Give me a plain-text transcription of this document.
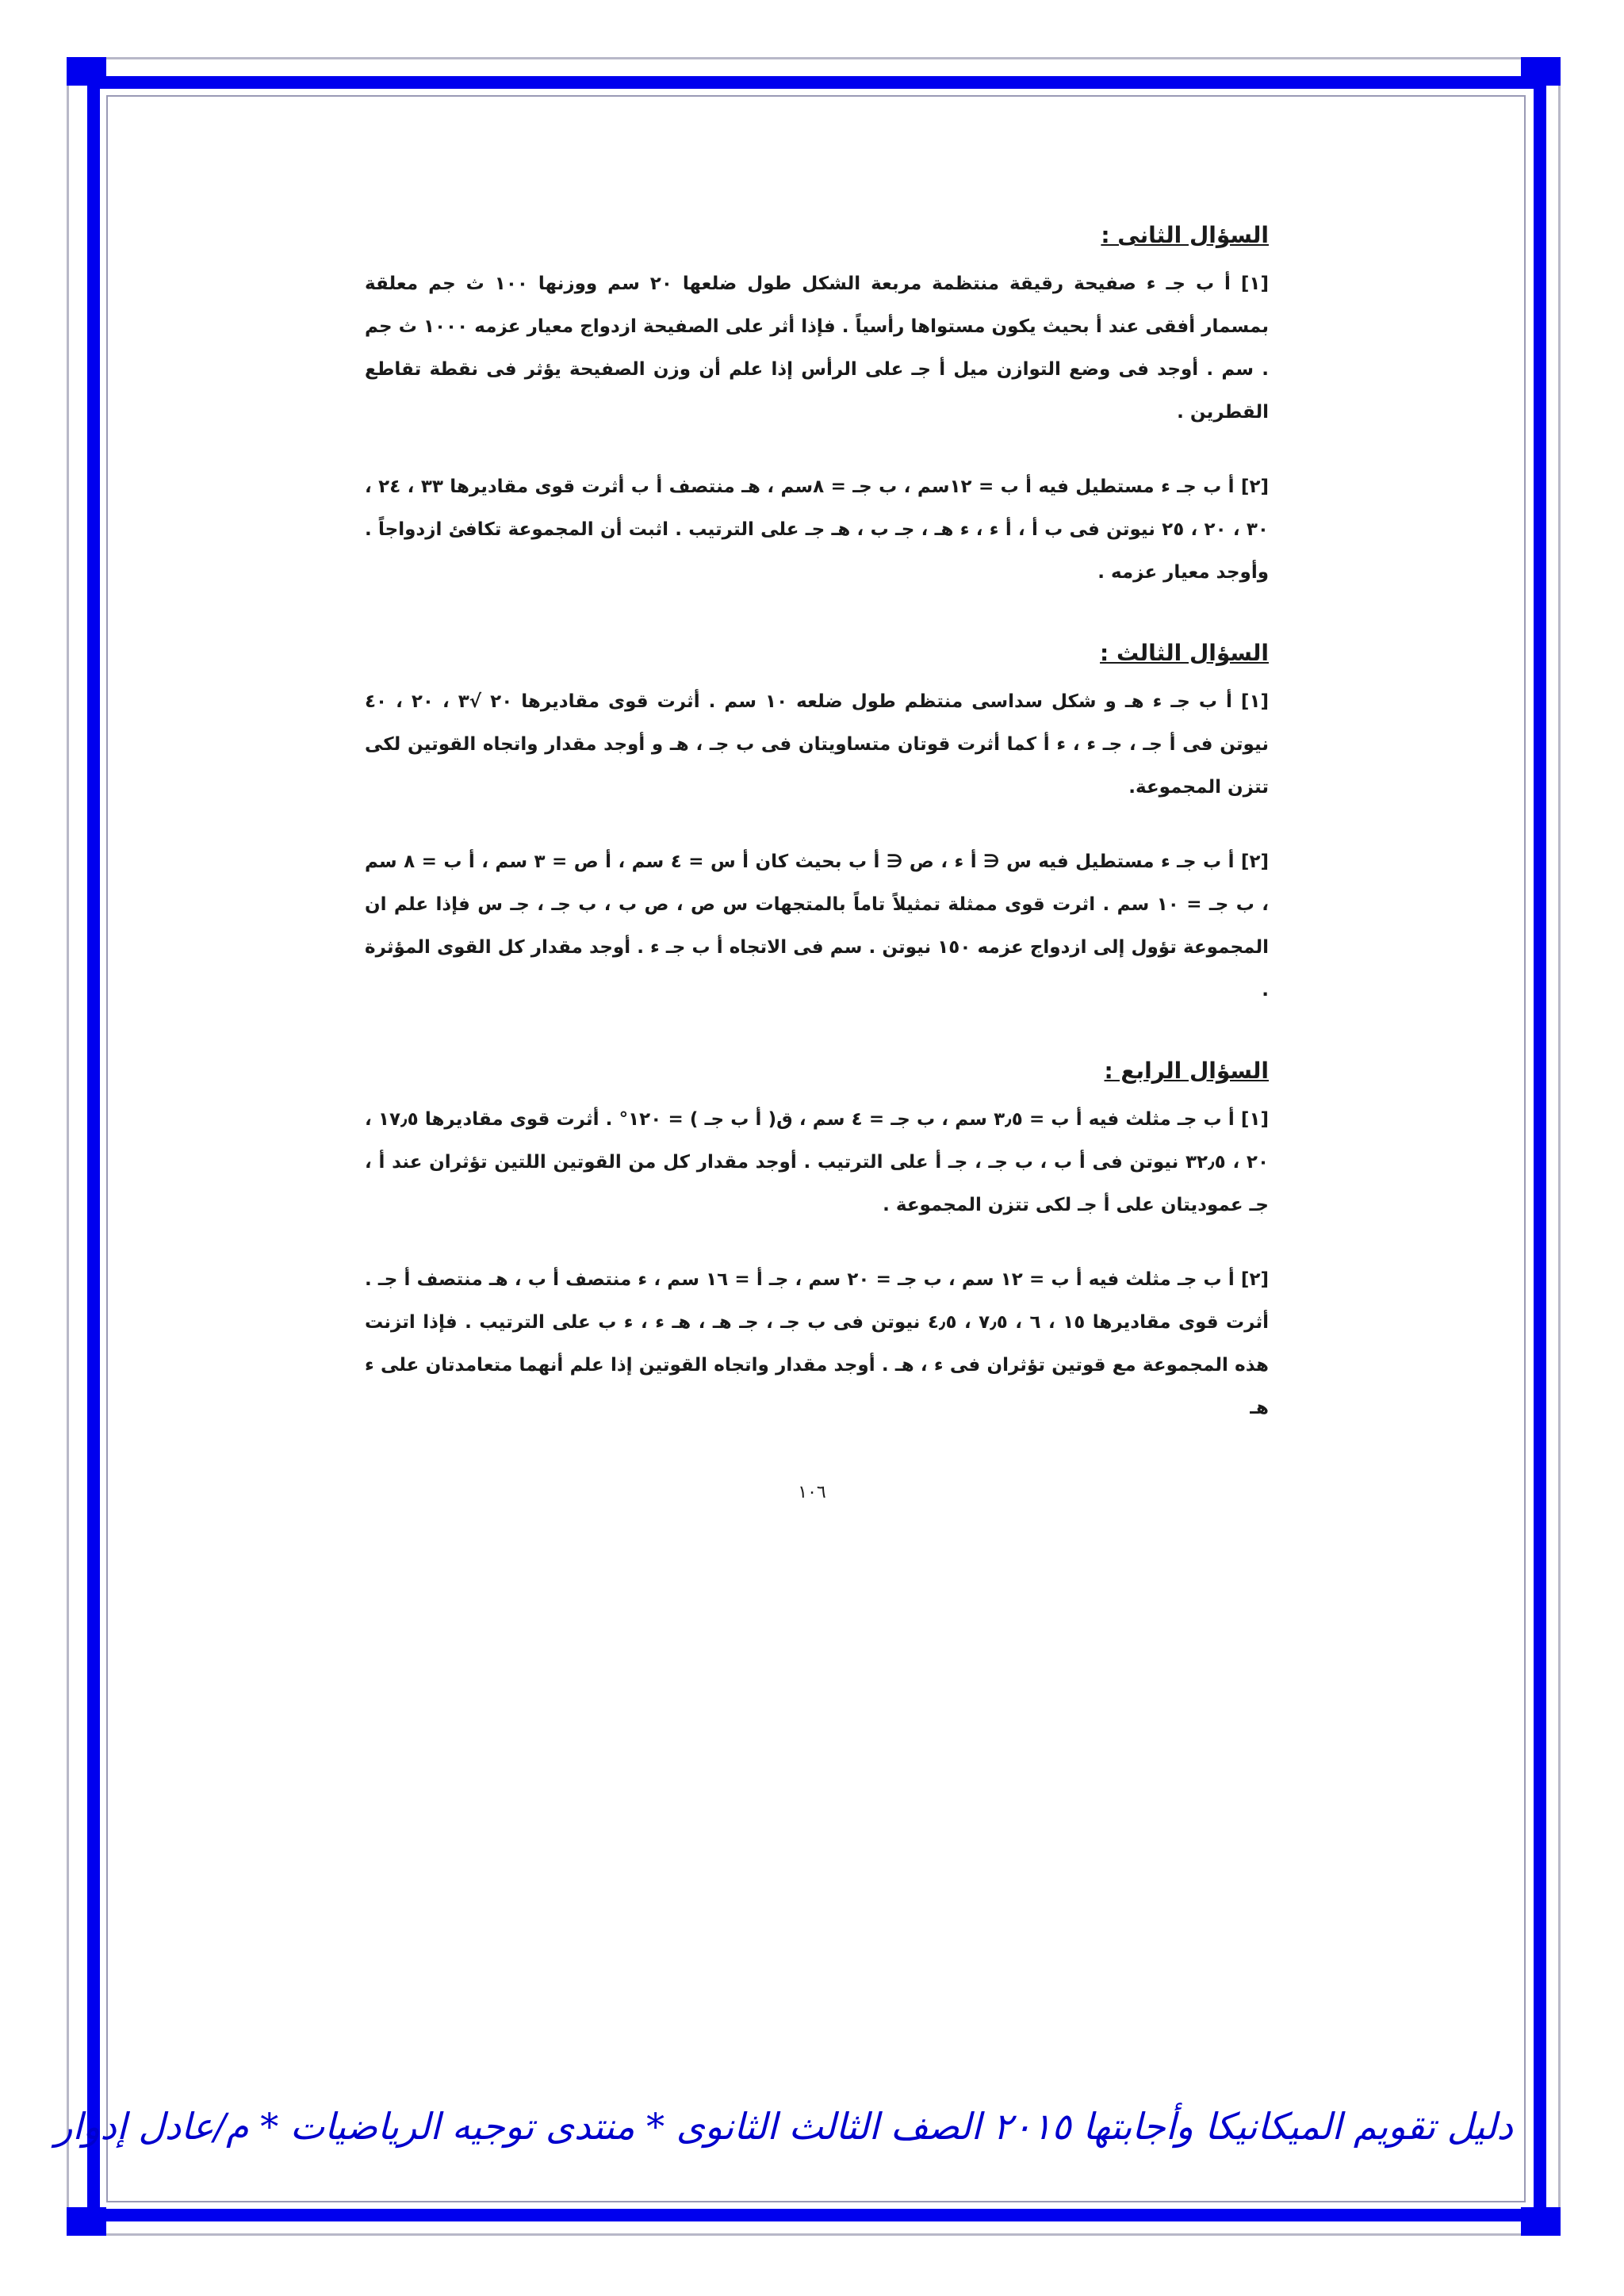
السؤال الثانى :

[١] أ ب جـ ء صفيحة رقيقة منتظمة مربعة الشكل طول ضلعها ٢٠ سم ووزنها ١٠٠ ث جم معلقة بمسمار أفقى عند أ بحيث يكون مستواها رأسياً . فإذا أثر على الصفيحة ازدواج معيار عزمه ١٠٠٠ ث جم . سم . أوجد فى وضع التوازن ميل أ جـ على الرأس إذا علم أن وزن الصفيحة يؤثر فى نقطة تقاطع القطرين .

[٢] أ ب جـ ء مستطيل فيه أ ب = ١٢سم ، ب جـ = ٨سم ، هـ منتصف أ ب أثرت قوى مقاديرها ٣٣ ، ٢٤ ، ٣٠ ، ٢٠ ، ٢٥ نيوتن فى ب أ ، أ ء ، ء هـ ، جـ ب ، هـ جـ على الترتيب . اثبت أن المجموعة تكافئ ازدواجاً . وأوجد معيار عزمه .

السؤال الثالث :

[١] أ ب جـ ء هـ و شكل سداسى منتظم طول ضلعه ١٠ سم . أثرت قوى مقاديرها ٢٠ √٣ ، ٢٠ ، ٤٠ نيوتن فى أ جـ ، جـ ء ، ء أ كما أثرت قوتان متساويتان فى ب جـ ، هـ و أوجد مقدار واتجاه القوتين لكى تتزن المجموعة.

[٢] أ ب جـ ء مستطيل فيه س ∈ أ ء ، ص ∈ أ ب بحيث كان أ س = ٤ سم ، أ ص = ٣ سم ، أ ب = ٨ سم ، ب جـ = ١٠ سم . اثرت قوى ممثلة تمثيلاً تاماً بالمتجهات س ص ، ص ب ، ب جـ ، جـ س فإذا علم ان المجموعة تؤول إلى ازدواج عزمه ١٥٠ نيوتن . سم فى الاتجاه أ ب جـ ء . أوجد مقدار كل القوى المؤثرة .

السؤال الرابع :

[١] أ ب جـ مثلث فيه أ ب = ٣٫٥ سم ، ب جـ = ٤ سم ، ق( أ ب جـ ) = ١٢٠° . أثرت قوى مقاديرها ١٧٫٥ ، ٢٠ ، ٣٢٫٥ نيوتن فى أ ب ، ب جـ ، جـ أ على الترتيب . أوجد مقدار كل من القوتين اللتين تؤثران عند أ ، جـ عموديتان على أ جـ لكى تتزن المجموعة .

[٢] أ ب جـ مثلث فيه أ ب = ١٢ سم ، ب جـ = ٢٠ سم ، جـ أ = ١٦ سم ، ء منتصف أ ب ، هـ منتصف أ جـ . أثرت قوى مقاديرها ١٥ ، ٦ ، ٧٫٥ ، ٤٫٥ نيوتن فى ب جـ ، جـ هـ ، هـ ء ، ء ب على الترتيب . فإذا اتزنت هذه المجموعة مع قوتين تؤثران فى ء ، هـ . أوجد مقدار واتجاه القوتين إذا علم أنهما متعامدتان على ء هـ

١٠٦
دليل تقويم الميكانيكا وأجابتها ٢٠١٥ الصف الثالث الثانوى * منتدى توجيه الرياضيات * م/عادل إدوار
